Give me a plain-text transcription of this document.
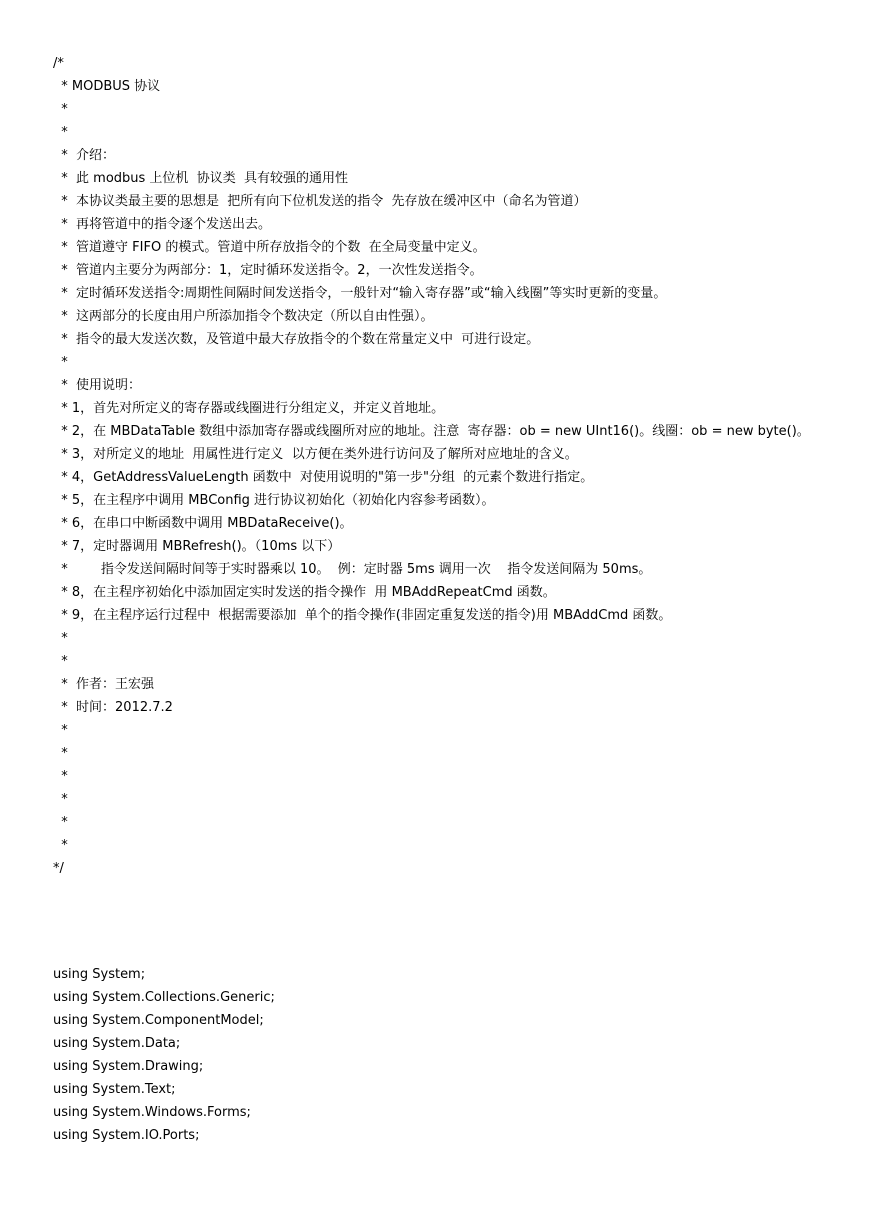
/*
* MODBUS 协议
*
*
*  介绍：
*  此 modbus 上位机  协议类  具有较强的通用性
*  本协议类最主要的思想是  把所有向下位机发送的指令  先存放在缓冲区中（命名为管道）
*  再将管道中的指令逐个发送出去。
*  管道遵守 FIFO 的模式。管道中所存放指令的个数  在全局变量中定义。
*  管道内主要分为两部分：1，定时循环发送指令。2，一次性发送指令。
*  定时循环发送指令:周期性间隔时间发送指令，一般针对“输入寄存器”或“输入线圈”等实时更新的变量。
*  这两部分的长度由用户所添加指令个数决定（所以自由性强）。
*  指令的最大发送次数，及管道中最大存放指令的个数在常量定义中  可进行设定。
*
*  使用说明：
* 1，首先对所定义的寄存器或线圈进行分组定义，并定义首地址。
* 2，在 MBDataTable 数组中添加寄存器或线圈所对应的地址。注意  寄存器：ob = new UInt16()。线圈：ob = new byte()。
* 3，对所定义的地址  用属性进行定义  以方便在类外进行访问及了解所对应地址的含义。
* 4，GetAddressValueLength 函数中  对使用说明的"第一步"分组  的元素个数进行指定。
* 5，在主程序中调用 MBConfig 进行协议初始化（初始化内容参考函数）。
* 6，在串口中断函数中调用 MBDataReceive()。
* 7，定时器调用 MBRefresh()。（10ms 以下）
*        指令发送间隔时间等于实时器乘以 10。  例：定时器 5ms 调用一次    指令发送间隔为 50ms。
* 8，在主程序初始化中添加固定实时发送的指令操作  用 MBAddRepeatCmd 函数。
* 9，在主程序运行过程中  根据需要添加  单个的指令操作(非固定重复发送的指令)用 MBAddCmd 函数。
*
*
*  作者：王宏强
*  时间：2012.7.2
*
*
*
*
*
*
*/
using System;
using System.Collections.Generic;
using System.ComponentModel;
using System.Data;
using System.Drawing;
using System.Text;
using System.Windows.Forms;
using System.IO.Ports;
